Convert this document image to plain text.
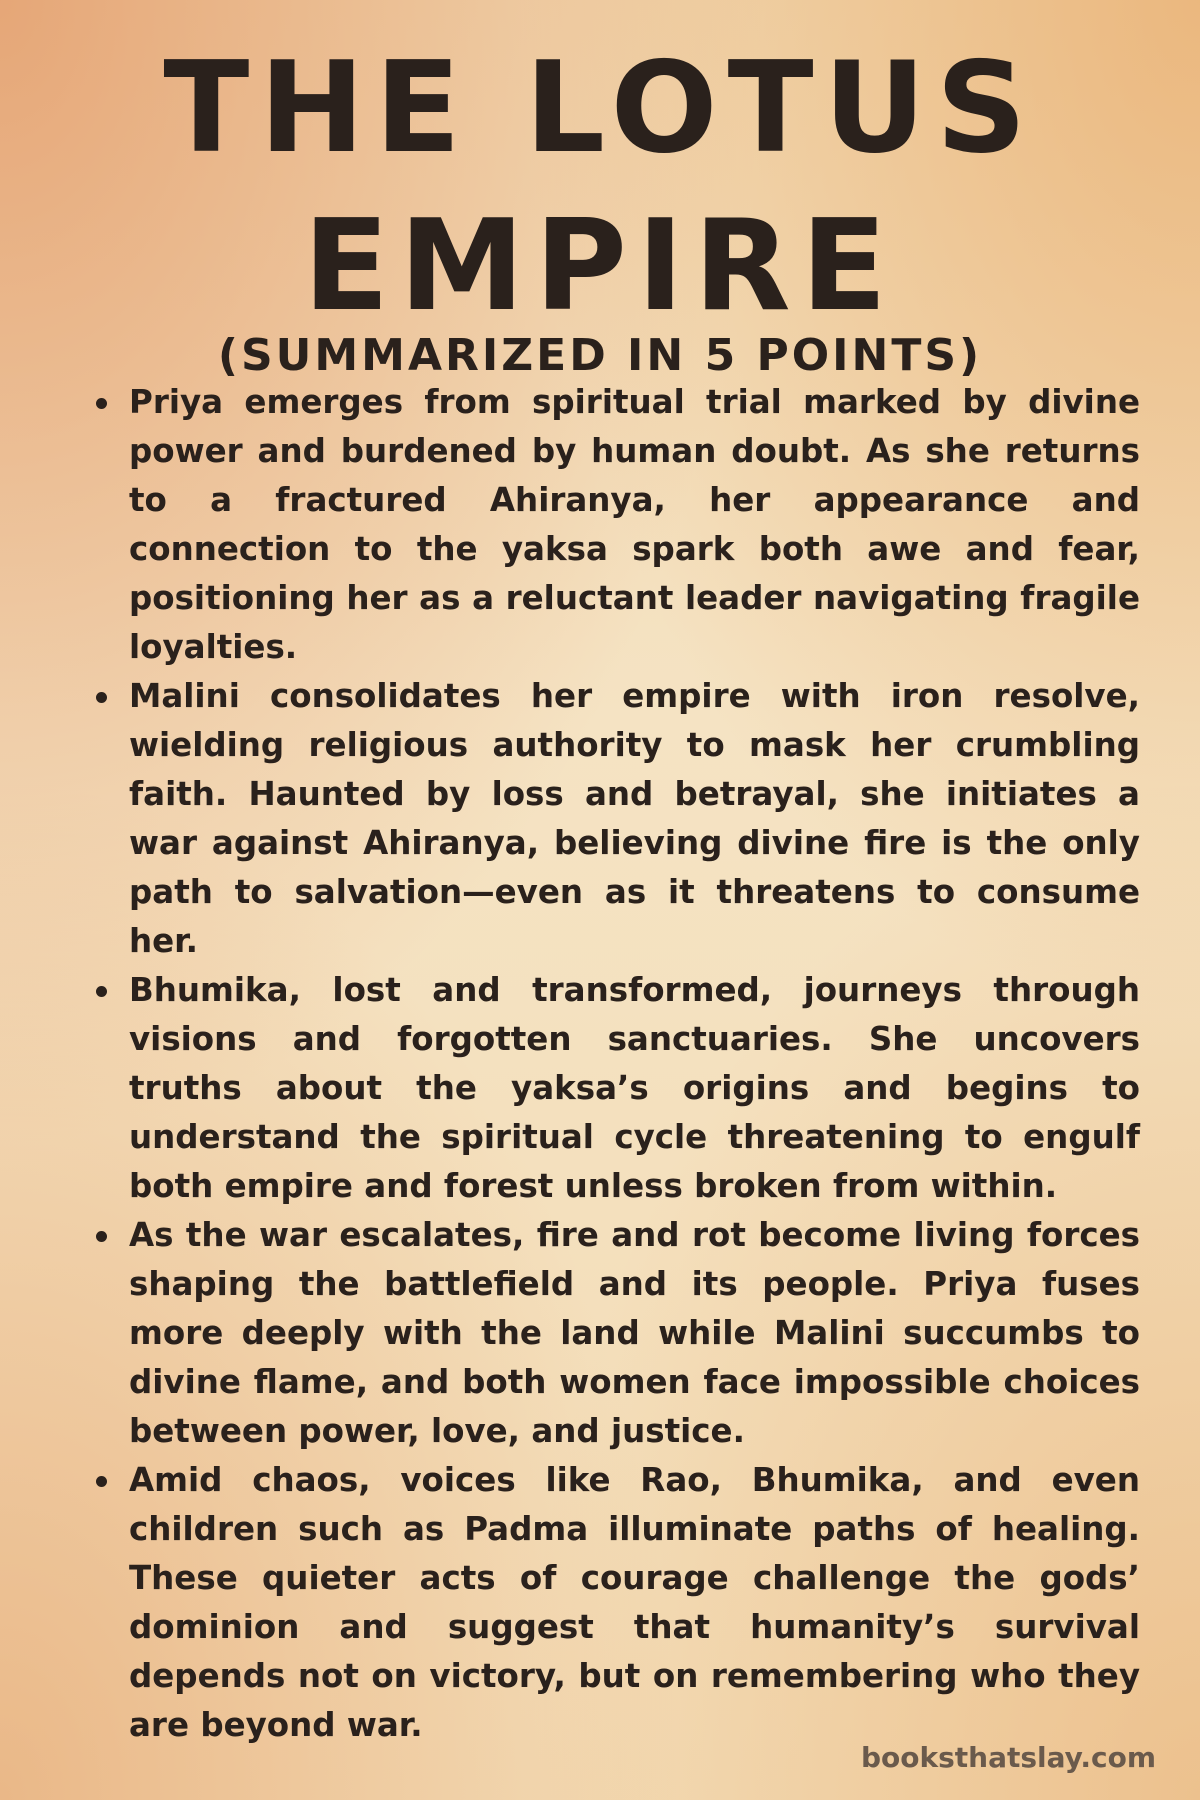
THE LOTUS
EMPIRE
(SUMMARIZED IN 5 POINTS)
Priya emerges from spiritual trial marked by divine power and burdened by human doubt. As she returns to a fractured Ahiranya, her appearance and connection to the yaksa spark both awe and fear, positioning her as a reluctant leader navigating fragile loyalties.
Malini consolidates her empire with iron resolve, wielding religious authority to mask her crumbling faith. Haunted by loss and betrayal, she initiates a war against Ahiranya, believing divine fire is the only path to salvation—even as it threatens to consume her.
Bhumika, lost and transformed, journeys through visions and forgotten sanctuaries. She uncovers truths about the yaksa’s origins and begins to understand the spiritual cycle threatening to engulf both empire and forest unless broken from within.
As the war escalates, fire and rot become living forces shaping the battlefield and its people. Priya fuses more deeply with the land while Malini succumbs to divine flame, and both women face impossible choices between power, love, and justice.
Amid chaos, voices like Rao, Bhumika, and even children such as Padma illuminate paths of healing. These quieter acts of courage challenge the gods’ dominion and suggest that humanity’s survival depends not on victory, but on remembering who they are beyond war.
booksthatslay.com
